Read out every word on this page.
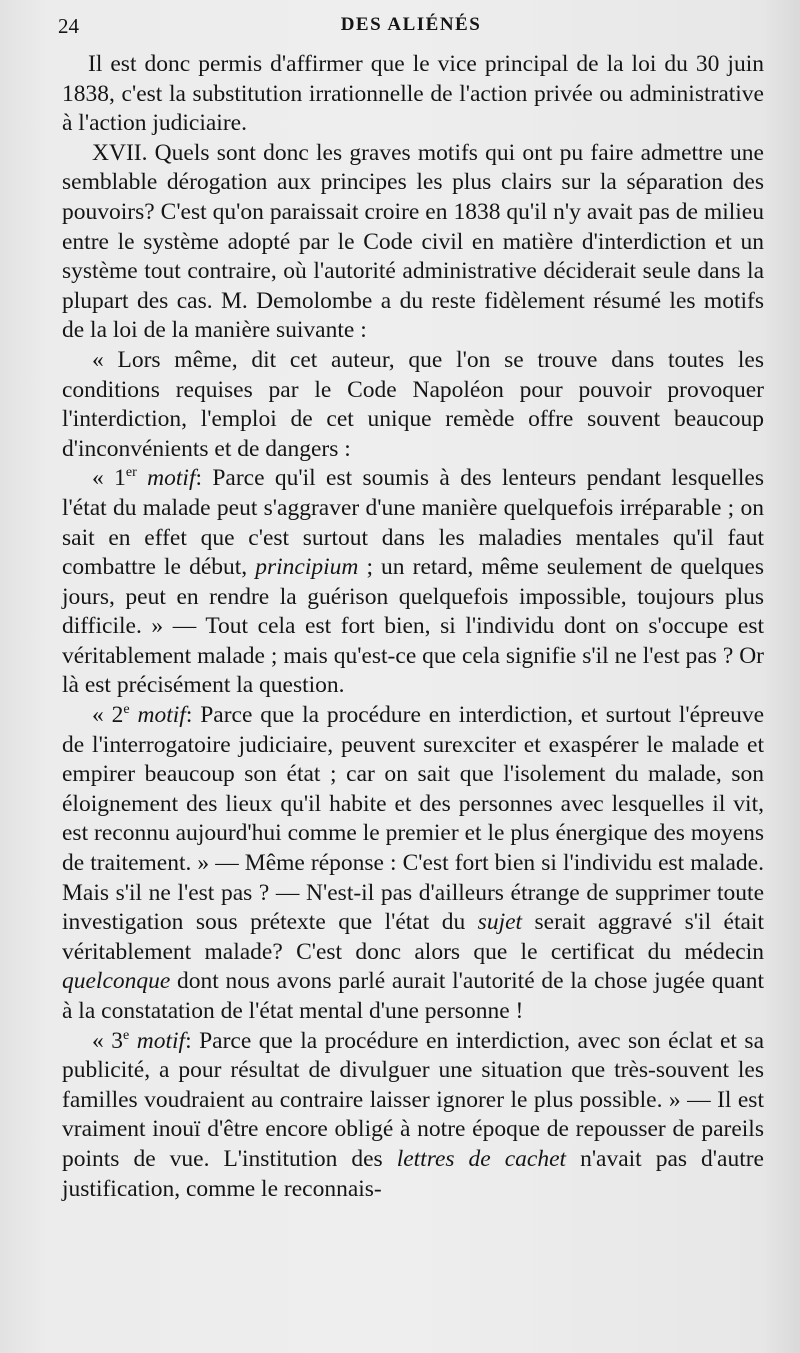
24	DES ALIÉNÉS

Il est donc permis d'affirmer que le vice principal de la loi du 30 juin 1838, c'est la substitution irrationnelle de l'action privée ou administrative à l'action judiciaire.

XVII. Quels sont donc les graves motifs qui ont pu faire admettre une semblable dérogation aux principes les plus clairs sur la séparation des pouvoirs? C'est qu'on paraissait croire en 1838 qu'il n'y avait pas de milieu entre le système adopté par le Code civil en matière d'interdiction et un système tout contraire, où l'autorité administrative déciderait seule dans la plupart des cas. M. Demolombe a du reste fidèlement résumé les motifs de la loi de la manière suivante :

« Lors même, dit cet auteur, que l'on se trouve dans toutes les conditions requises par le Code Napoléon pour pouvoir provoquer l'interdiction, l'emploi de cet unique remède offre souvent beaucoup d'inconvénients et de dangers :

« 1er motif: Parce qu'il est soumis à des lenteurs pendant lesquelles l'état du malade peut s'aggraver d'une manière quelquefois irréparable ; on sait en effet que c'est surtout dans les maladies mentales qu'il faut combattre le début, principium ; un retard, même seulement de quelques jours, peut en rendre la guérison quelquefois impossible, toujours plus difficile. » — Tout cela est fort bien, si l'individu dont on s'occupe est véritablement malade ; mais qu'est-ce que cela signifie s'il ne l'est pas ? Or là est précisément la question.

« 2e motif: Parce que la procédure en interdiction, et surtout l'épreuve de l'interrogatoire judiciaire, peuvent surexciter et exaspérer le malade et empirer beaucoup son état ; car on sait que l'isolement du malade, son éloignement des lieux qu'il habite et des personnes avec lesquelles il vit, est reconnu aujourd'hui comme le premier et le plus énergique des moyens de traitement. » — Même réponse : C'est fort bien si l'individu est malade. Mais s'il ne l'est pas ? — N'est-il pas d'ailleurs étrange de supprimer toute investigation sous prétexte que l'état du sujet serait aggravé s'il était véritablement malade? C'est donc alors que le certificat du médecin quelconque dont nous avons parlé aurait l'autorité de la chose jugée quant à la constatation de l'état mental d'une personne !

« 3e motif: Parce que la procédure en interdiction, avec son éclat et sa publicité, a pour résultat de divulguer une situation que très-souvent les familles voudraient au contraire laisser ignorer le plus possible. » — Il est vraiment inouï d'être encore obligé à notre époque de repousser de pareils points de vue. L'institution des lettres de cachet n'avait pas d'autre justification, comme le reconnais-
